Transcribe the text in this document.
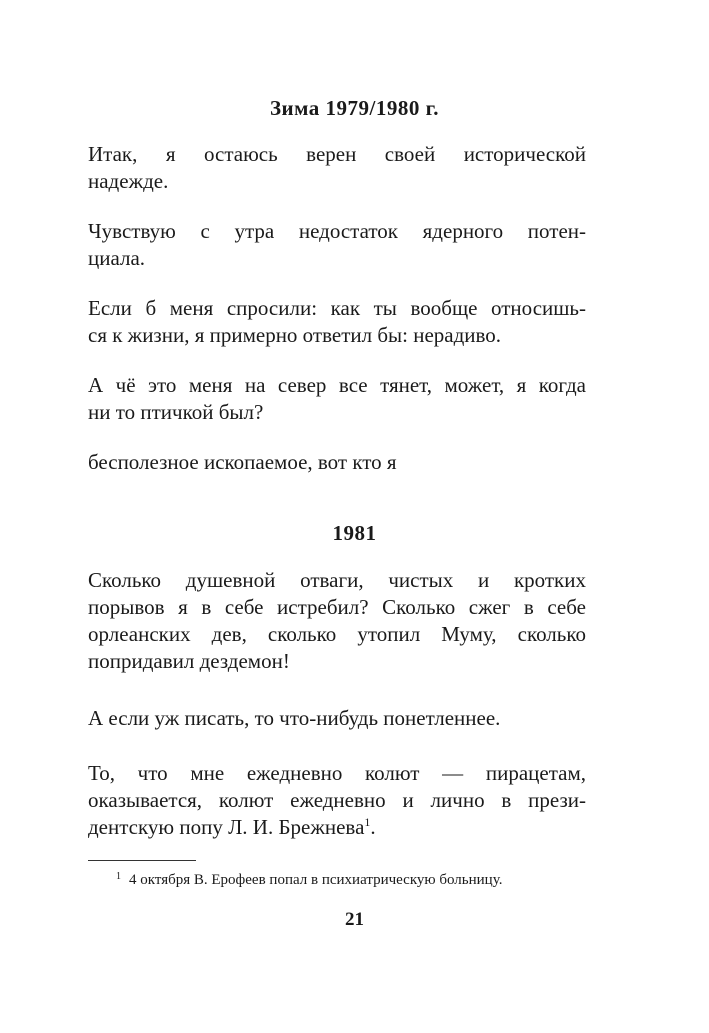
Зима 1979/1980 г.

Итак, я остаюсь верен своей исторической
надежде.

Чувствую с утра недостаток ядерного потен-
циала.

Если б меня спросили: как ты вообще относишь-
ся к жизни, я примерно ответил бы: нерадиво.

А чё это меня на север все тянет, может, я когда
ни то птичкой был?

бесполезное ископаемое, вот кто я

1981

Сколько душевной отваги, чистых и кротких
порывов я в себе истребил? Сколько сжег в себе
орлеанских дев, сколько утопил Муму, сколько
попридавил дездемон!

А если уж писать, то что-нибудь понетленнее.

То, что мне ежедневно колют — пирацетам,
оказывается, колют ежедневно и лично в прези-
дентскую попу Л. И. Брежнева$^1$.

$^1$ 4 октября В. Ерофеев попал в психиатрическую больницу.
21
